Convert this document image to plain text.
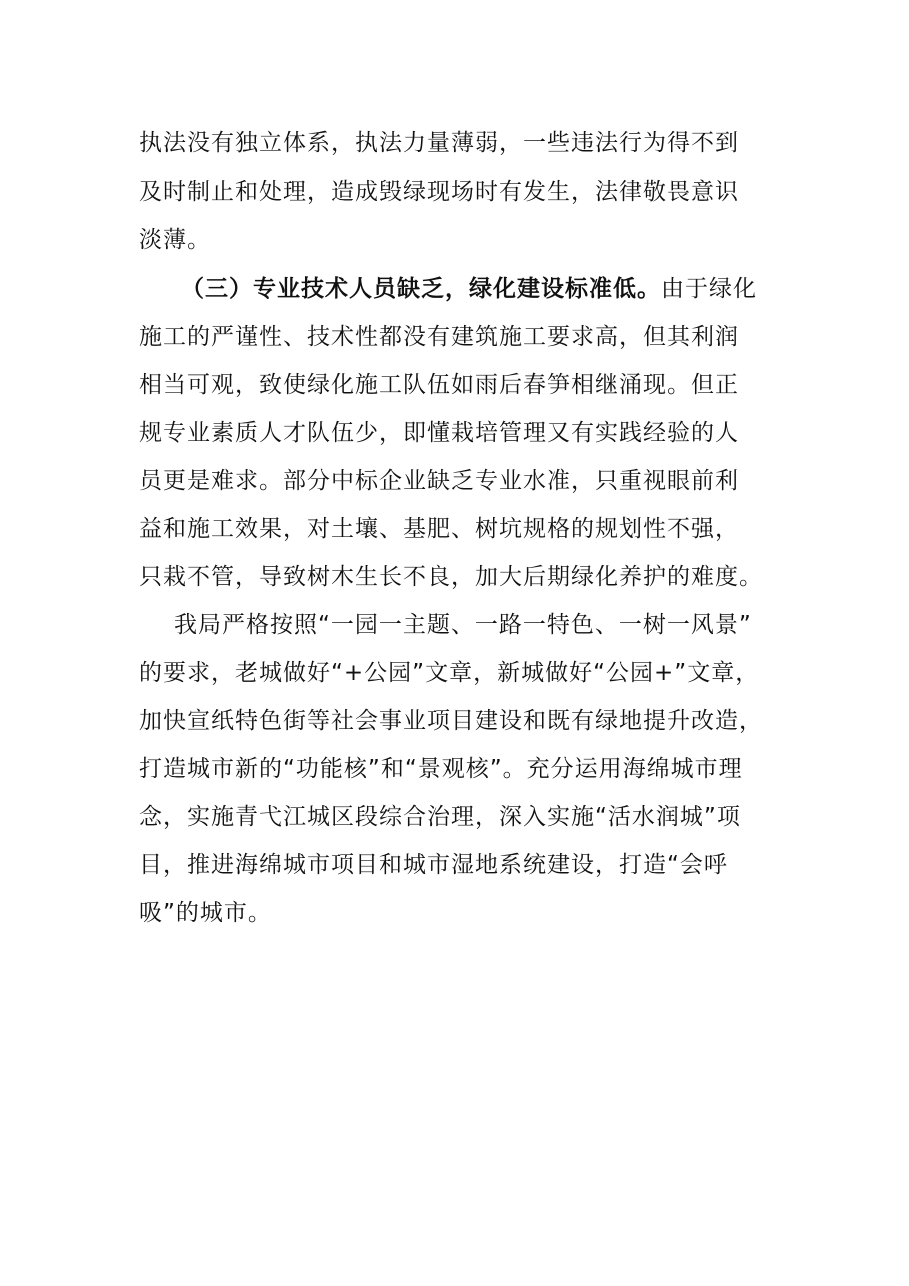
执法没有独立体系，执法力量薄弱，一些违法行为得不到
及时制止和处理，造成毁绿现场时有发生，法律敬畏意识
淡薄。
（三）专业技术人员缺乏，绿化建设标准低。由于绿化
施工的严谨性、技术性都没有建筑施工要求高，但其利润
相当可观，致使绿化施工队伍如雨后春笋相继涌现。但正
规专业素质人才队伍少，即懂栽培管理又有实践经验的人
员更是难求。部分中标企业缺乏专业水准，只重视眼前利
益和施工效果，对土壤、基肥、树坑规格的规划性不强，
只栽不管，导致树木生长不良，加大后期绿化养护的难度。
我局严格按照“一园一主题、一路一特色、一树一风景”
的要求，老城做好“+公园”文章，新城做好“公园+”文章，
加快宣纸特色街等社会事业项目建设和既有绿地提升改造，
打造城市新的“功能核”和“景观核”。充分运用海绵城市理
念，实施青弋江城区段综合治理，深入实施“活水润城”项
目，推进海绵城市项目和城市湿地系统建设，打造“会呼
吸”的城市。
